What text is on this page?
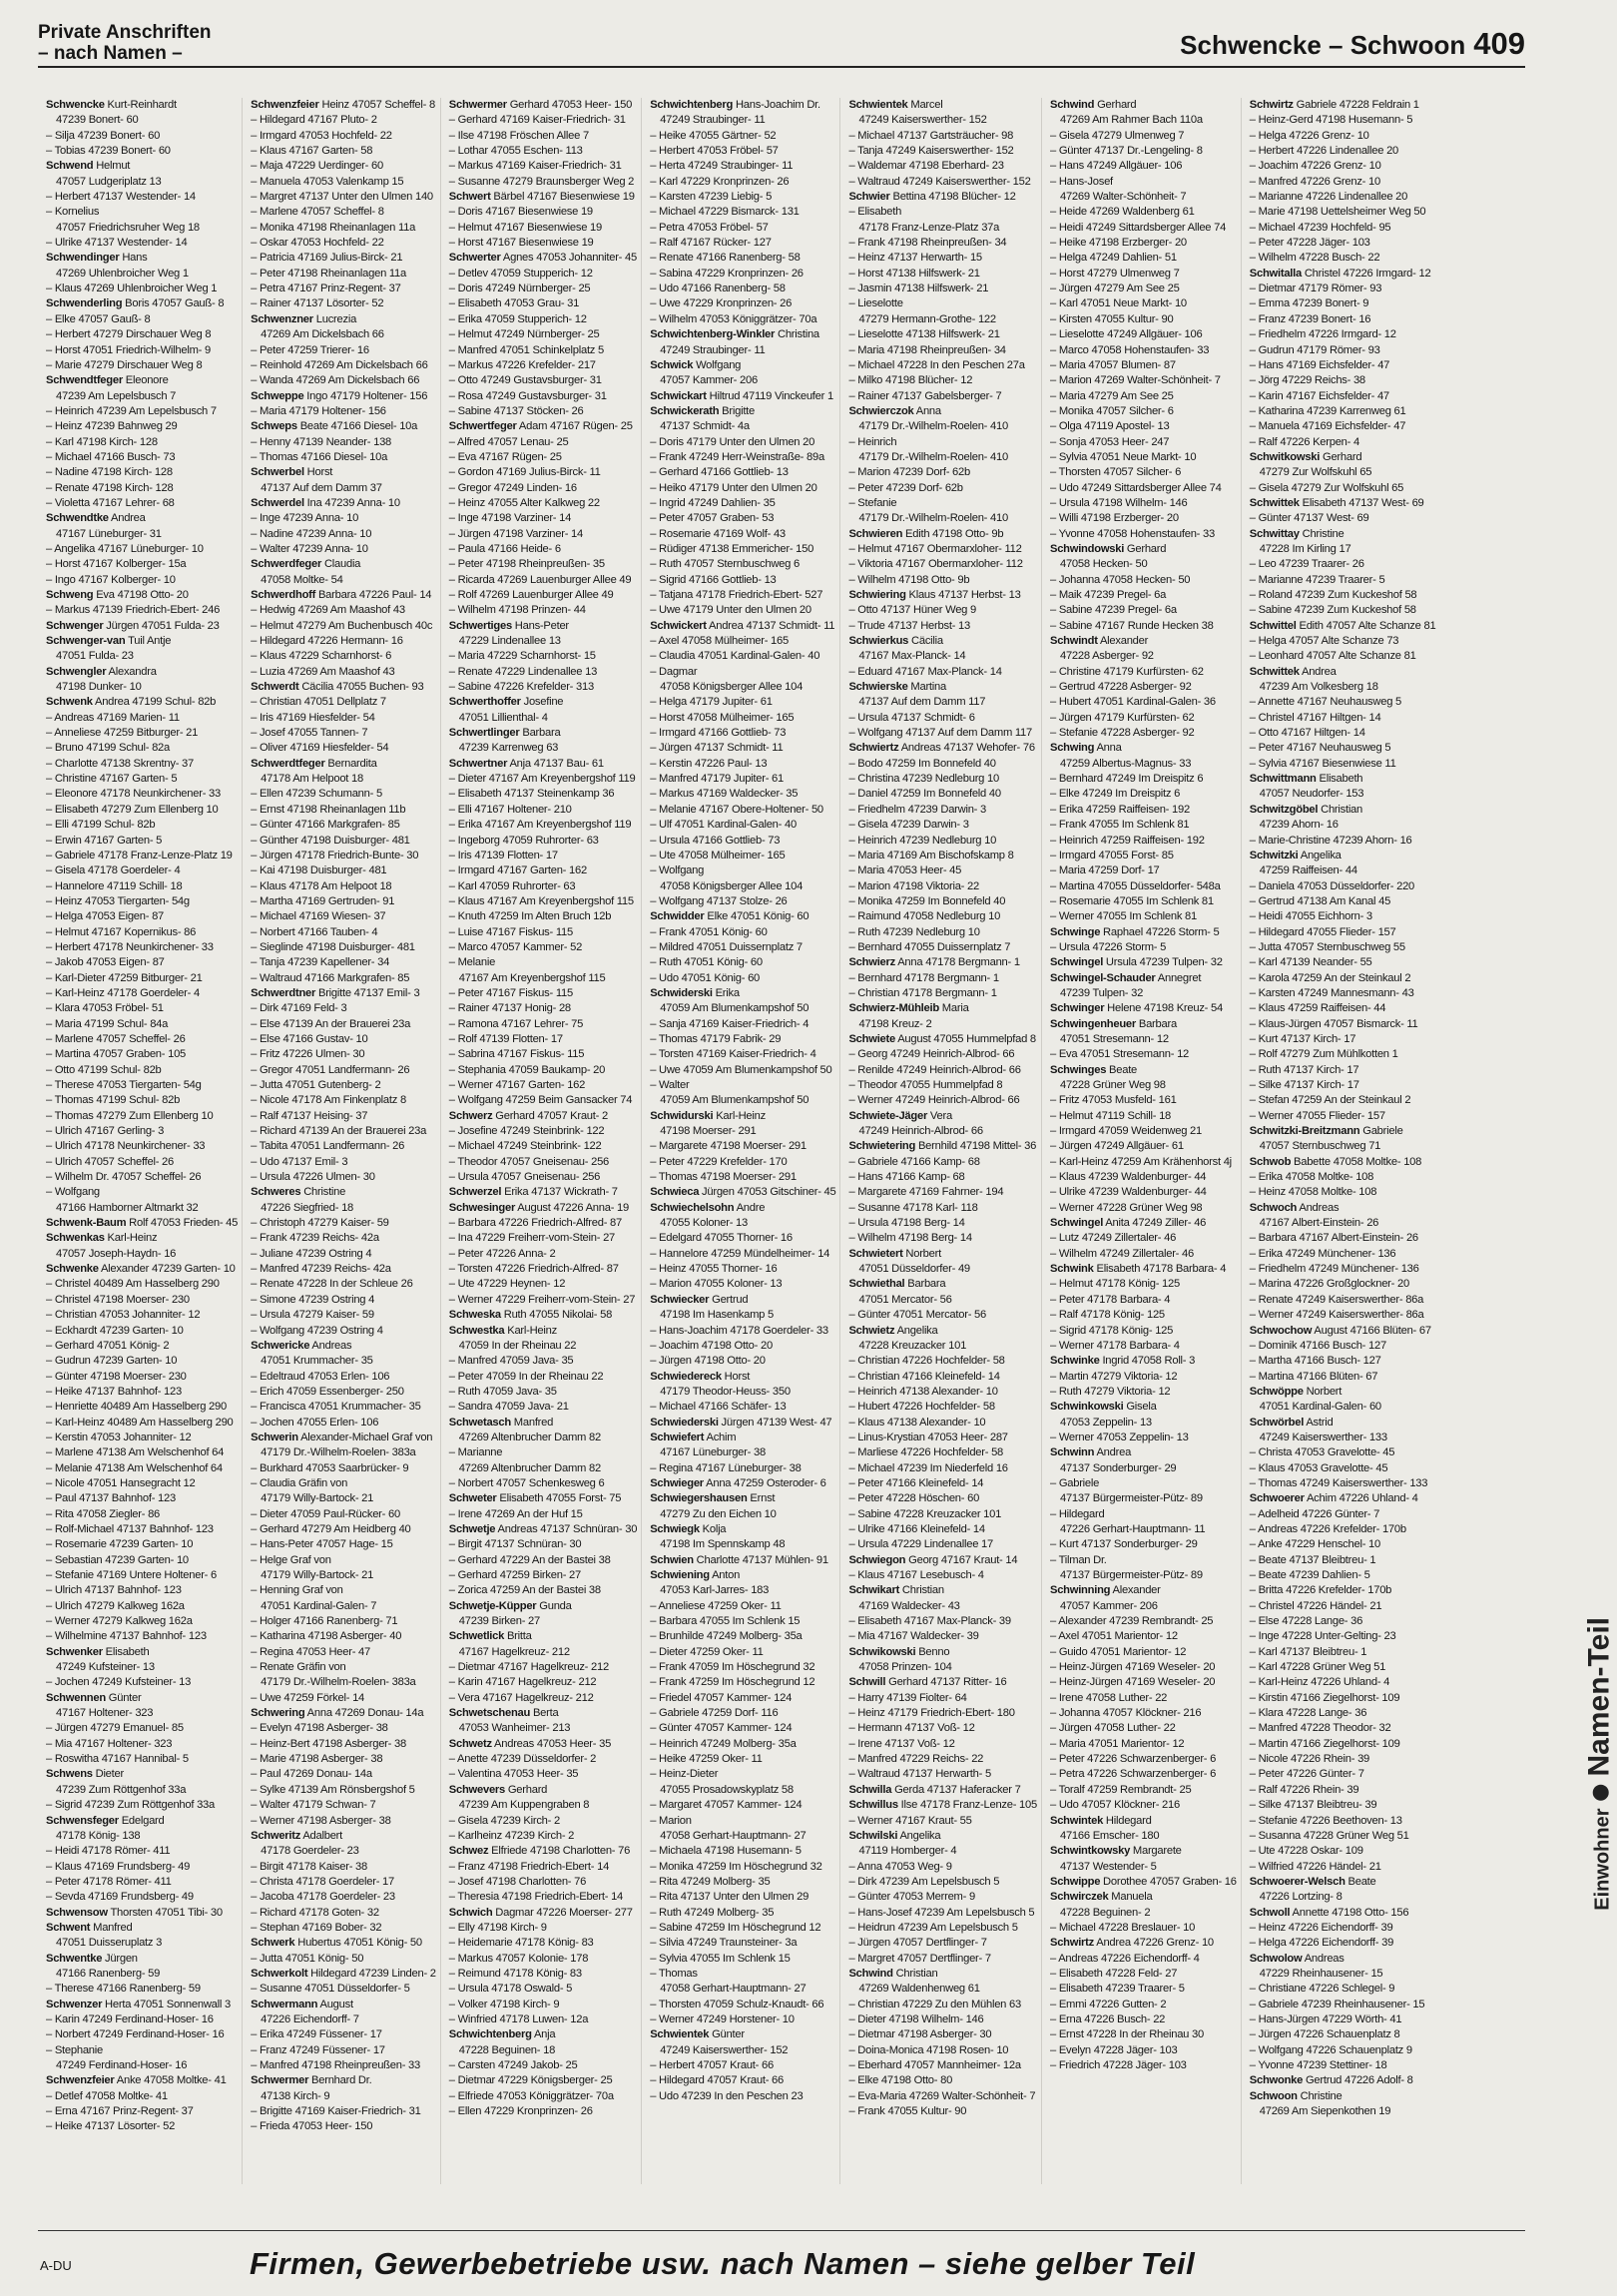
Private Anschriften
– nach Namen –	Schwencke – Schwoon 409
EinwohnerNamen-Teil
Schwencke Kurt-Reinhardt
47239 Bonert- 60
– Silja 47239 Bonert- 60
– Tobias 47239 Bonert- 60
Schwend Helmut
47057 Ludgeriplatz 13
– Herbert 47137 Westender- 14
– Kornelius
47057 Friedrichsruher Weg 18
– Ulrike 47137 Westender- 14
Schwendinger Hans
47269 Uhlenbroicher Weg 1
– Klaus 47269 Uhlenbroicher Weg 1
Schwenderling Boris 47057 Gauß- 8
– Elke 47057 Gauß- 8
– Herbert 47279 Dirschauer Weg 8
– Horst 47051 Friedrich-Wilhelm- 9
– Marie 47279 Dirschauer Weg 8
Schwendtfeger Eleonore
47239 Am Lepelsbusch 7
– Heinrich 47239 Am Lepelsbusch 7
– Heinz 47239 Bahnweg 29
– Karl 47198 Kirch- 128
– Michael 47166 Busch- 73
– Nadine 47198 Kirch- 128
– Renate 47198 Kirch- 128
– Violetta 47167 Lehrer- 68
Schwendtke Andrea
47167 Lüneburger- 31
– Angelika 47167 Lüneburger- 10
– Horst 47167 Kolberger- 15a
– Ingo 47167 Kolberger- 10
Schweng Eva 47198 Otto- 20
– Markus 47139 Friedrich-Ebert- 246
Schwenger Jürgen 47051 Fulda- 23
Schwenger-van Tuil Antje
47051 Fulda- 23
Schwengler Alexandra
47198 Dunker- 10
Schwenk Andrea 47199 Schul- 82b
– Andreas 47169 Marien- 11
– Anneliese 47259 Bitburger- 21
– Bruno 47199 Schul- 82a
– Charlotte 47138 Skrentny- 37
– Christine 47167 Garten- 5
– Eleonore 47178 Neunkirchener- 33
– Elisabeth 47279 Zum Ellenberg 10
– Elli 47199 Schul- 82b
– Erwin 47167 Garten- 5
– Gabriele 47178 Franz-Lenze-Platz 19
– Gisela 47178 Goerdeler- 4
– Hannelore 47119 Schill- 18
– Heinz 47053 Tiergarten- 54g
– Helga 47053 Eigen- 87
– Helmut 47167 Kopernikus- 86
– Herbert 47178 Neunkirchener- 33
– Jakob 47053 Eigen- 87
– Karl-Dieter 47259 Bitburger- 21
– Karl-Heinz 47178 Goerdeler- 4
– Klara 47053 Fröbel- 51
– Maria 47199 Schul- 84a
– Marlene 47057 Scheffel- 26
– Martina 47057 Graben- 105
– Otto 47199 Schul- 82b
– Therese 47053 Tiergarten- 54g
– Thomas 47199 Schul- 82b
– Thomas 47279 Zum Ellenberg 10
– Ulrich 47167 Gerling- 3
– Ulrich 47178 Neunkirchener- 33
– Ulrich 47057 Scheffel- 26
– Wilhelm Dr. 47057 Scheffel- 26
– Wolfgang
47166 Hamborner Altmarkt 32
Schwenk-Baum Rolf 47053 Frieden- 45
Schwenkas Karl-Heinz
47057 Joseph-Haydn- 16
Schwenke Alexander 47239 Garten- 10
– Christel 40489 Am Hasselberg 290
– Christel 47198 Moerser- 230
– Christian 47053 Johanniter- 12
– Eckhardt 47239 Garten- 10
– Gerhard 47051 König- 2
– Gudrun 47239 Garten- 10
– Günter 47198 Moerser- 230
– Heike 47137 Bahnhof- 123
– Henriette 40489 Am Hasselberg 290
– Karl-Heinz 40489 Am Hasselberg 290
– Kerstin 47053 Johanniter- 12
– Marlene 47138 Am Welschenhof 64
– Melanie 47138 Am Welschenhof 64
– Nicole 47051 Hansegracht 12
– Paul 47137 Bahnhof- 123
– Rita 47058 Ziegler- 86
– Rolf-Michael 47137 Bahnhof- 123
– Rosemarie 47239 Garten- 10
– Sebastian 47239 Garten- 10
– Stefanie 47169 Untere Holtener- 6
– Ulrich 47137 Bahnhof- 123
– Ulrich 47279 Kalkweg 162a
– Werner 47279 Kalkweg 162a
– Wilhelmine 47137 Bahnhof- 123
Schwenker Elisabeth
47249 Kufsteiner- 13
– Jochen 47249 Kufsteiner- 13
Schwennen Günter
47167 Holtener- 323
– Jürgen 47279 Emanuel- 85
– Mia 47167 Holtener- 323
– Roswitha 47167 Hannibal- 5
Schwens Dieter
47239 Zum Röttgenhof 33a
– Sigrid 47239 Zum Röttgenhof 33a
Schwensfeger Edelgard
47178 König- 138
– Heidi 47178 Römer- 411
– Klaus 47169 Frundsberg- 49
– Peter 47178 Römer- 411
– Sevda 47169 Frundsberg- 49
Schwensow Thorsten 47051 Tibi- 30
Schwent Manfred
47051 Duisseruplatz 3
Schwentke Jürgen
47166 Ranenberg- 59
– Therese 47166 Ranenberg- 59
Schwenzer Herta 47051 Sonnenwall 3
– Karin 47249 Ferdinand-Hoser- 16
– Norbert 47249 Ferdinand-Hoser- 16
– Stephanie
47249 Ferdinand-Hoser- 16
Schwenzfeier Anke 47058 Moltke- 41
– Detlef 47058 Moltke- 41
– Erna 47167 Prinz-Regent- 37
– Heike 47137 Lösorter- 52
Schwenzfeier Heinz 47057 Scheffel- 8
– Hildegard 47167 Pluto- 2
– Irmgard 47053 Hochfeld- 22
– Klaus 47167 Garten- 58
– Maja 47229 Uerdinger- 60
– Manuela 47053 Valenkamp 15
– Margret 47137 Unter den Ulmen 140
– Marlene 47057 Scheffel- 8
– Monika 47198 Rheinanlagen 11a
– Oskar 47053 Hochfeld- 22
– Patricia 47169 Julius-Birck- 21
– Peter 47198 Rheinanlagen 11a
– Petra 47167 Prinz-Regent- 37
– Rainer 47137 Lösorter- 52
Schwenzner Lucrezia
47269 Am Dickelsbach 66
– Peter 47259 Trierer- 16
– Reinhold 47269 Am Dickelsbach 66
– Wanda 47269 Am Dickelsbach 66
Schweppe Ingo 47179 Holtener- 156
– Maria 47179 Holtener- 156
Schweps Beate 47166 Diesel- 10a
– Henny 47139 Neander- 138
– Thomas 47166 Diesel- 10a
Schwerbel Horst
47137 Auf dem Damm 37
Schwerdel Ina 47239 Anna- 10
– Inge 47239 Anna- 10
– Nadine 47239 Anna- 10
– Walter 47239 Anna- 10
Schwerdfeger Claudia
47058 Moltke- 54
Schwerdhoff Barbara 47226 Paul- 14
– Hedwig 47269 Am Maashof 43
– Helmut 47279 Am Buchenbusch 40c
– Hildegard 47226 Hermann- 16
– Klaus 47229 Scharnhorst- 6
– Luzia 47269 Am Maashof 43
Schwerdt Cäcilia 47055 Buchen- 93
– Christian 47051 Dellplatz 7
– Iris 47169 Hiesfelder- 54
– Josef 47055 Tannen- 7
– Oliver 47169 Hiesfelder- 54
Schwerdtfeger Bernardita
47178 Am Helpoot 18
– Ellen 47239 Schumann- 5
– Ernst 47198 Rheinanlagen 11b
– Günter 47166 Markgrafen- 85
– Günther 47198 Duisburger- 481
– Jürgen 47178 Friedrich-Bunte- 30
– Kai 47198 Duisburger- 481
– Klaus 47178 Am Helpoot 18
– Martha 47169 Gertruden- 91
– Michael 47169 Wiesen- 37
– Norbert 47166 Tauben- 4
– Sieglinde 47198 Duisburger- 481
– Tanja 47239 Kapellener- 34
– Waltraud 47166 Markgrafen- 85
Schwerdtner Brigitte 47137 Emil- 3
– Dirk 47169 Feld- 3
– Else 47139 An der Brauerei 23a
– Else 47166 Gustav- 10
– Fritz 47226 Ulmen- 30
– Gregor 47051 Landfermann- 26
– Jutta 47051 Gutenberg- 2
– Nicole 47178 Am Finkenplatz 8
– Ralf 47137 Heising- 37
– Richard 47139 An der Brauerei 23a
– Tabita 47051 Landfermann- 26
– Udo 47137 Emil- 3
– Ursula 47226 Ulmen- 30
Schweres Christine
47226 Siegfried- 18
– Christoph 47279 Kaiser- 59
– Frank 47239 Reichs- 42a
– Juliane 47239 Ostring 4
– Manfred 47239 Reichs- 42a
– Renate 47228 In der Schleue 26
– Simone 47239 Ostring 4
– Ursula 47279 Kaiser- 59
– Wolfgang 47239 Ostring 4
Schwericke Andreas
47051 Krummacher- 35
– Edeltraud 47053 Erlen- 106
– Erich 47059 Essenberger- 250
– Francisca 47051 Krummacher- 35
– Jochen 47055 Erlen- 106
Schwerin Alexander-Michael Graf von
47179 Dr.-Wilhelm-Roelen- 383a
– Burkhard 47053 Saarbrücker- 9
– Claudia Gräfin von
47179 Willy-Bartock- 21
– Dieter 47059 Paul-Rücker- 60
– Gerhard 47279 Am Heidberg 40
– Hans-Peter 47057 Hage- 15
– Helge Graf von
47179 Willy-Bartock- 21
– Henning Graf von
47051 Kardinal-Galen- 7
– Holger 47166 Ranenberg- 71
– Katharina 47198 Asberger- 40
– Regina 47053 Heer- 47
– Renate Gräfin von
47179 Dr.-Wilhelm-Roelen- 383a
– Uwe 47259 Förkel- 14
Schwering Anna 47269 Donau- 14a
– Evelyn 47198 Asberger- 38
– Heinz-Bert 47198 Asberger- 38
– Marie 47198 Asberger- 38
– Paul 47269 Donau- 14a
– Sylke 47139 Am Rönsbergshof 5
– Walter 47179 Schwan- 7
– Werner 47198 Asberger- 38
Schweritz Adalbert
47178 Goerdeler- 23
– Birgit 47178 Kaiser- 38
– Christa 47178 Goerdeler- 17
– Jacoba 47178 Goerdeler- 23
– Richard 47178 Goten- 32
– Stephan 47169 Bober- 32
Schwerk Hubertus 47051 König- 50
– Jutta 47051 König- 50
Schwerkolt Hildegard 47239 Linden- 2
– Susanne 47051 Düsseldorfer- 5
Schwermann August
47226 Eichendorff- 7
– Erika 47249 Füssener- 17
– Franz 47249 Füssener- 17
– Manfred 47198 Rheinpreußen- 33
Schwermer Bernhard Dr.
47138 Kirch- 9
– Brigitte 47169 Kaiser-Friedrich- 31
– Frieda 47053 Heer- 150
Schwermer Gerhard 47053 Heer- 150
– Gerhard 47169 Kaiser-Friedrich- 31
– Ilse 47198 Fröschen Allee 7
– Lothar 47055 Eschen- 113
– Markus 47169 Kaiser-Friedrich- 31
– Susanne 47279 Braunsberger Weg 2
Schwert Bärbel 47167 Biesenwiese 19
– Doris 47167 Biesenwiese 19
– Helmut 47167 Biesenwiese 19
– Horst 47167 Biesenwiese 19
Schwerter Agnes 47053 Johanniter- 45
– Detlev 47059 Stupperich- 12
– Doris 47249 Nürnberger- 25
– Elisabeth 47053 Grau- 31
– Erika 47059 Stupperich- 12
– Helmut 47249 Nürnberger- 25
– Manfred 47051 Schinkelplatz 5
– Markus 47226 Krefelder- 217
– Otto 47249 Gustavsburger- 31
– Rosa 47249 Gustavsburger- 31
– Sabine 47137 Stöcken- 26
Schwertfeger Adam 47167 Rügen- 25
– Alfred 47057 Lenau- 25
– Eva 47167 Rügen- 25
– Gordon 47169 Julius-Birck- 11
– Gregor 47249 Linden- 16
– Heinz 47055 Alter Kalkweg 22
– Inge 47198 Varziner- 14
– Jürgen 47198 Varziner- 14
– Paula 47166 Heide- 6
– Peter 47198 Rheinpreußen- 35
– Ricarda 47269 Lauenburger Allee 49
– Rolf 47269 Lauenburger Allee 49
– Wilhelm 47198 Prinzen- 44
Schwertiges Hans-Peter
47229 Lindenallee 13
– Maria 47229 Scharnhorst- 15
– Renate 47229 Lindenallee 13
– Sabine 47226 Krefelder- 313
Schwerthoffer Josefine
47051 Lillienthal- 4
Schwertlinger Barbara
47239 Karrenweg 63
Schwertner Anja 47137 Bau- 61
– Dieter 47167 Am Kreyenbergshof 119
– Elisabeth 47137 Steinenkamp 36
– Elli 47167 Holtener- 210
– Erika 47167 Am Kreyenbergshof 119
– Ingeborg 47059 Ruhrorter- 63
– Iris 47139 Flotten- 17
– Irmgard 47167 Garten- 162
– Karl 47059 Ruhrorter- 63
– Klaus 47167 Am Kreyenbergshof 115
– Knuth 47259 Im Alten Bruch 12b
– Luise 47167 Fiskus- 115
– Marco 47057 Kammer- 52
– Melanie
47167 Am Kreyenbergshof 115
– Peter 47167 Fiskus- 115
– Rainer 47137 Honig- 28
– Ramona 47167 Lehrer- 75
– Rolf 47139 Flotten- 17
– Sabrina 47167 Fiskus- 115
– Stephania 47059 Baukamp- 20
– Werner 47167 Garten- 162
– Wolfgang 47259 Beim Gansacker 74
Schwerz Gerhard 47057 Kraut- 2
– Josefine 47249 Steinbrink- 122
– Michael 47249 Steinbrink- 122
– Theodor 47057 Gneisenau- 256
– Ursula 47057 Gneisenau- 256
Schwerzel Erika 47137 Wickrath- 7
Schwesinger August 47226 Anna- 19
– Barbara 47226 Friedrich-Alfred- 87
– Ina 47229 Freiherr-vom-Stein- 27
– Peter 47226 Anna- 2
– Torsten 47226 Friedrich-Alfred- 87
– Ute 47229 Heynen- 12
– Werner 47229 Freiherr-vom-Stein- 27
Schweska Ruth 47055 Nikolai- 58
Schwestka Karl-Heinz
47059 In der Rheinau 22
– Manfred 47059 Java- 35
– Peter 47059 In der Rheinau 22
– Ruth 47059 Java- 35
– Sandra 47059 Java- 21
Schwetasch Manfred
47269 Altenbrucher Damm 82
– Marianne
47269 Altenbrucher Damm 82
– Norbert 47057 Schenkesweg 6
Schweter Elisabeth 47055 Forst- 75
– Irene 47269 An der Huf 15
Schwetje Andreas 47137 Schnüran- 30
– Birgit 47137 Schnüran- 30
– Gerhard 47229 An der Bastei 38
– Gerhard 47259 Birken- 27
– Zorica 47259 An der Bastei 38
Schwetje-Küpper Gunda
47239 Birken- 27
Schwetlick Britta
47167 Hagelkreuz- 212
– Dietmar 47167 Hagelkreuz- 212
– Karin 47167 Hagelkreuz- 212
– Vera 47167 Hagelkreuz- 212
Schwetschenau Berta
47053 Wanheimer- 213
Schwetz Andreas 47053 Heer- 35
– Anette 47239 Düsseldorfer- 2
– Valentina 47053 Heer- 35
Schwevers Gerhard
47239 Am Kuppengraben 8
– Gisela 47239 Kirch- 2
– Karlheinz 47239 Kirch- 2
Schwez Elfriede 47198 Charlotten- 76
– Franz 47198 Friedrich-Ebert- 14
– Josef 47198 Charlotten- 76
– Theresia 47198 Friedrich-Ebert- 14
Schwich Dagmar 47226 Moerser- 277
– Elly 47198 Kirch- 9
– Heidemarie 47178 König- 83
– Markus 47057 Kolonie- 178
– Reimund 47178 König- 83
– Ursula 47178 Oswald- 5
– Volker 47198 Kirch- 9
– Winfried 47178 Luwen- 12a
Schwichtenberg Anja
47228 Beguinen- 18
– Carsten 47249 Jakob- 25
– Dietmar 47229 Königsberger- 25
– Elfriede 47053 Königgrätzer- 70a
– Ellen 47229 Kronprinzen- 26
Schwichtenberg Hans-Joachim Dr.
47249 Straubinger- 11
– Heike 47055 Gärtner- 52
– Herbert 47053 Fröbel- 57
– Herta 47249 Straubinger- 11
– Karl 47229 Kronprinzen- 26
– Karsten 47239 Liebig- 5
– Michael 47229 Bismarck- 131
– Petra 47053 Fröbel- 57
– Ralf 47167 Rücker- 127
– Renate 47166 Ranenberg- 58
– Sabina 47229 Kronprinzen- 26
– Udo 47166 Ranenberg- 58
– Uwe 47229 Kronprinzen- 26
– Wilhelm 47053 Königgrätzer- 70a
Schwichtenberg-Winkler Christina
47249 Straubinger- 11
Schwick Wolfgang
47057 Kammer- 206
Schwickart Hiltrud 47119 Vinckeufer 1
Schwickerath Brigitte
47137 Schmidt- 4a
– Doris 47179 Unter den Ulmen 20
– Frank 47249 Herr-Weinstraße- 89a
– Gerhard 47166 Gottlieb- 13
– Heiko 47179 Unter den Ulmen 20
– Ingrid 47249 Dahlien- 35
– Peter 47057 Graben- 53
– Rosemarie 47169 Wolf- 43
– Rüdiger 47138 Emmericher- 150
– Ruth 47057 Sternbuschweg 6
– Sigrid 47166 Gottlieb- 13
– Tatjana 47178 Friedrich-Ebert- 527
– Uwe 47179 Unter den Ulmen 20
Schwickert Andrea 47137 Schmidt- 11
– Axel 47058 Mülheimer- 165
– Claudia 47051 Kardinal-Galen- 40
– Dagmar
47058 Königsberger Allee 104
– Helga 47179 Jupiter- 61
– Horst 47058 Mülheimer- 165
– Irmgard 47166 Gottlieb- 73
– Jürgen 47137 Schmidt- 11
– Kerstin 47226 Paul- 13
– Manfred 47179 Jupiter- 61
– Markus 47169 Waldecker- 35
– Melanie 47167 Obere-Holtener- 50
– Ulf 47051 Kardinal-Galen- 40
– Ursula 47166 Gottlieb- 73
– Ute 47058 Mülheimer- 165
– Wolfgang
47058 Königsberger Allee 104
– Wolfgang 47137 Stolze- 26
Schwidder Elke 47051 König- 60
– Frank 47051 König- 60
– Mildred 47051 Duissernplatz 7
– Ruth 47051 König- 60
– Udo 47051 König- 60
Schwiderski Erika
47059 Am Blumenkampshof 50
– Sanja 47169 Kaiser-Friedrich- 4
– Thomas 47179 Fabrik- 29
– Torsten 47169 Kaiser-Friedrich- 4
– Uwe 47059 Am Blumenkampshof 50
– Walter
47059 Am Blumenkampshof 50
Schwidurski Karl-Heinz
47198 Moerser- 291
– Margarete 47198 Moerser- 291
– Peter 47229 Krefelder- 170
– Thomas 47198 Moerser- 291
Schwieca Jürgen 47053 Gitschiner- 45
Schwiechelsohn Andre
47055 Koloner- 13
– Edelgard 47055 Thorner- 16
– Hannelore 47259 Mündelheimer- 14
– Heinz 47055 Thorner- 16
– Marion 47055 Koloner- 13
Schwiecker Gertrud
47198 Im Hasenkamp 5
– Hans-Joachim 47178 Goerdeler- 33
– Joachim 47198 Otto- 20
– Jürgen 47198 Otto- 20
Schwiedereck Horst
47179 Theodor-Heuss- 350
– Michael 47166 Schäfer- 13
Schwiederski Jürgen 47139 West- 47
Schwiefert Achim
47167 Lüneburger- 38
– Regina 47167 Lüneburger- 38
Schwieger Anna 47259 Osteroder- 6
Schwiegershausen Ernst
47279 Zu den Eichen 10
Schwiegk Kolja
47198 Im Spennskamp 48
Schwien Charlotte 47137 Mühlen- 91
Schwiening Anton
47053 Karl-Jarres- 183
– Anneliese 47259 Oker- 11
– Barbara 47055 Im Schlenk 15
– Brunhilde 47249 Molberg- 35a
– Dieter 47259 Oker- 11
– Frank 47059 Im Höschegrund 32
– Frank 47259 Im Höschegrund 12
– Friedel 47057 Kammer- 124
– Gabriele 47259 Dorf- 116
– Günter 47057 Kammer- 124
– Heinrich 47249 Molberg- 35a
– Heike 47259 Oker- 11
– Heinz-Dieter
47055 Prosadowskyplatz 58
– Margaret 47057 Kammer- 124
– Marion
47058 Gerhart-Hauptmann- 27
– Michaela 47198 Husemann- 5
– Monika 47259 Im Höschegrund 32
– Rita 47249 Molberg- 35
– Rita 47137 Unter den Ulmen 29
– Ruth 47249 Molberg- 35
– Sabine 47259 Im Höschegrund 12
– Silvia 47249 Traunsteiner- 3a
– Sylvia 47055 Im Schlenk 15
– Thomas
47058 Gerhart-Hauptmann- 27
– Thorsten 47059 Schulz-Knaudt- 66
– Werner 47249 Horstener- 10
Schwientek Günter
47249 Kaiserswerther- 152
– Herbert 47057 Kraut- 66
– Hildegard 47057 Kraut- 66
– Udo 47239 In den Peschen 23
Schwientek Marcel
47249 Kaiserswerther- 152
– Michael 47137 Gartsträucher- 98
– Tanja 47249 Kaiserswerther- 152
– Waldemar 47198 Eberhard- 23
– Waltraud 47249 Kaiserswerther- 152
Schwier Bettina 47198 Blücher- 12
– Elisabeth
47178 Franz-Lenze-Platz 37a
– Frank 47198 Rheinpreußen- 34
– Heinz 47137 Herwarth- 15
– Horst 47138 Hilfswerk- 21
– Jasmin 47138 Hilfswerk- 21
– Lieselotte
47279 Hermann-Grothe- 122
– Lieselotte 47138 Hilfswerk- 21
– Maria 47198 Rheinpreußen- 34
– Michael 47228 In den Peschen 27a
– Milko 47198 Blücher- 12
– Rainer 47137 Gabelsberger- 7
Schwierczok Anna
47179 Dr.-Wilhelm-Roelen- 410
– Heinrich
47179 Dr.-Wilhelm-Roelen- 410
– Marion 47239 Dorf- 62b
– Peter 47239 Dorf- 62b
– Stefanie
47179 Dr.-Wilhelm-Roelen- 410
Schwieren Edith 47198 Otto- 9b
– Helmut 47167 Obermarxloher- 112
– Viktoria 47167 Obermarxloher- 112
– Wilhelm 47198 Otto- 9b
Schwiering Klaus 47137 Herbst- 13
– Otto 47137 Hüner Weg 9
– Trude 47137 Herbst- 13
Schwierkus Cäcilia
47167 Max-Planck- 14
– Eduard 47167 Max-Planck- 14
Schwierske Martina
47137 Auf dem Damm 117
– Ursula 47137 Schmidt- 6
– Wolfgang 47137 Auf dem Damm 117
Schwiertz Andreas 47137 Wehofer- 76
– Bodo 47259 Im Bonnefeld 40
– Christina 47239 Nedleburg 10
– Daniel 47259 Im Bonnefeld 40
– Friedhelm 47239 Darwin- 3
– Gisela 47239 Darwin- 3
– Heinrich 47239 Nedleburg 10
– Maria 47169 Am Bischofskamp 8
– Maria 47053 Heer- 45
– Marion 47198 Viktoria- 22
– Monika 47259 Im Bonnefeld 40
– Raimund 47058 Nedleburg 10
– Ruth 47239 Nedleburg 10
– Bernhard 47055 Duissernplatz 7
Schwierz Anna 47178 Bergmann- 1
– Bernhard 47178 Bergmann- 1
– Christian 47178 Bergmann- 1
Schwierz-Mühleib Maria
47198 Kreuz- 2
Schwiete August 47055 Hummelpfad 8
– Georg 47249 Heinrich-Albrod- 66
– Renilde 47249 Heinrich-Albrod- 66
– Theodor 47055 Hummelpfad 8
– Werner 47249 Heinrich-Albrod- 66
Schwiete-Jäger Vera
47249 Heinrich-Albrod- 66
Schwietering Bernhild 47198 Mittel- 36
– Gabriele 47166 Kamp- 68
– Hans 47166 Kamp- 68
– Margarete 47169 Fahrner- 194
– Susanne 47178 Karl- 118
– Ursula 47198 Berg- 14
– Wilhelm 47198 Berg- 14
Schwietert Norbert
47051 Düsseldorfer- 49
Schwiethal Barbara
47051 Mercator- 56
– Günter 47051 Mercator- 56
Schwietz Angelika
47228 Kreuzacker 101
– Christian 47226 Hochfelder- 58
– Christian 47166 Kleinefeld- 14
– Heinrich 47138 Alexander- 10
– Hubert 47226 Hochfelder- 58
– Klaus 47138 Alexander- 10
– Linus-Krystian 47053 Heer- 287
– Marliese 47226 Hochfelder- 58
– Michael 47239 Im Niederfeld 16
– Peter 47166 Kleinefeld- 14
– Peter 47228 Höschen- 60
– Sabine 47228 Kreuzacker 101
– Ulrike 47166 Kleinefeld- 14
– Ursula 47229 Lindenallee 17
Schwiegon Georg 47167 Kraut- 14
– Klaus 47167 Lesebusch- 4
Schwikart Christian
47169 Waldecker- 43
– Elisabeth 47167 Max-Planck- 39
– Mia 47167 Waldecker- 39
Schwikowski Benno
47058 Prinzen- 104
Schwill Gerhard 47137 Ritter- 16
– Harry 47139 Fiolter- 64
– Heinz 47179 Friedrich-Ebert- 180
– Hermann 47137 Voß- 12
– Irene 47137 Voß- 12
– Manfred 47229 Reichs- 22
– Waltraud 47137 Herwarth- 5
Schwilla Gerda 47137 Haferacker 7
Schwillus Ilse 47178 Franz-Lenze- 105
– Werner 47167 Kraut- 55
Schwilski Angelika
47119 Homberger- 4
– Anna 47053 Weg- 9
– Dirk 47239 Am Lepelsbusch 5
– Günter 47053 Merrem- 9
– Hans-Josef 47239 Am Lepelsbusch 5
– Heidrun 47239 Am Lepelsbusch 5
– Jürgen 47057 Dertflinger- 7
– Margret 47057 Dertflinger- 7
Schwind Christian
47269 Waldenhenweg 61
– Christian 47229 Zu den Mühlen 63
– Dieter 47198 Wilhelm- 146
– Dietmar 47198 Asberger- 30
– Doina-Monica 47198 Rosen- 10
– Eberhard 47057 Mannheimer- 12a
– Elke 47198 Otto- 80
– Eva-Maria 47269 Walter-Schönheit- 7
– Frank 47055 Kultur- 90
Schwind Gerhard
47269 Am Rahmer Bach 110a
– Gisela 47279 Ulmenweg 7
– Günter 47137 Dr.-Lengeling- 8
– Hans 47249 Allgäuer- 106
– Hans-Josef
47269 Walter-Schönheit- 7
– Heide 47269 Waldenberg 61
– Heidi 47249 Sittardsberger Allee 74
– Heike 47198 Erzberger- 20
– Helga 47249 Dahlien- 51
– Horst 47279 Ulmenweg 7
– Jürgen 47279 Am See 25
– Karl 47051 Neue Markt- 10
– Kirsten 47055 Kultur- 90
– Lieselotte 47249 Allgäuer- 106
– Marco 47058 Hohenstaufen- 33
– Maria 47057 Blumen- 87
– Marion 47269 Walter-Schönheit- 7
– Maria 47279 Am See 25
– Monika 47057 Silcher- 6
– Olga 47119 Apostel- 13
– Sonja 47053 Heer- 247
– Sylvia 47051 Neue Markt- 10
– Thorsten 47057 Silcher- 6
– Udo 47249 Sittardsberger Allee 74
– Ursula 47198 Wilhelm- 146
– Willi 47198 Erzberger- 20
– Yvonne 47058 Hohenstaufen- 33
Schwindowski Gerhard
47058 Hecken- 50
– Johanna 47058 Hecken- 50
– Maik 47239 Pregel- 6a
– Sabine 47239 Pregel- 6a
– Sabine 47167 Runde Hecken 38
Schwindt Alexander
47228 Asberger- 92
– Christine 47179 Kurfürsten- 62
– Gertrud 47228 Asberger- 92
– Hubert 47051 Kardinal-Galen- 36
– Jürgen 47179 Kurfürsten- 62
– Stefanie 47228 Asberger- 92
Schwing Anna
47259 Albertus-Magnus- 33
– Bernhard 47249 Im Dreispitz 6
– Elke 47249 Im Dreispitz 6
– Erika 47259 Raiffeisen- 192
– Frank 47055 Im Schlenk 81
– Heinrich 47259 Raiffeisen- 192
– Irmgard 47055 Forst- 85
– Maria 47259 Dorf- 17
– Martina 47055 Düsseldorfer- 548a
– Rosemarie 47055 Im Schlenk 81
– Werner 47055 Im Schlenk 81
Schwinge Raphael 47226 Storm- 5
– Ursula 47226 Storm- 5
Schwingel Ursula 47239 Tulpen- 32
Schwingel-Schauder Annegret
47239 Tulpen- 32
Schwinger Helene 47198 Kreuz- 54
Schwingenheuer Barbara
47051 Stresemann- 12
– Eva 47051 Stresemann- 12
Schwinges Beate
47228 Grüner Weg 98
– Fritz 47053 Musfeld- 161
– Helmut 47119 Schill- 18
– Irmgard 47059 Weidenweg 21
– Jürgen 47249 Allgäuer- 61
– Karl-Heinz 47259 Am Krähenhorst 4j
– Klaus 47239 Waldenburger- 44
– Ulrike 47239 Waldenburger- 44
– Werner 47228 Grüner Weg 98
Schwingel Anita 47249 Ziller- 46
– Lutz 47249 Zillertaler- 46
– Wilhelm 47249 Zillertaler- 46
Schwink Elisabeth 47178 Barbara- 4
– Helmut 47178 König- 125
– Peter 47178 Barbara- 4
– Ralf 47178 König- 125
– Sigrid 47178 König- 125
– Werner 47178 Barbara- 4
Schwinke Ingrid 47058 Roll- 3
– Martin 47279 Viktoria- 12
– Ruth 47279 Viktoria- 12
Schwinkowski Gisela
47053 Zeppelin- 13
– Werner 47053 Zeppelin- 13
Schwinn Andrea
47137 Sonderburger- 29
– Gabriele
47137 Bürgermeister-Pütz- 89
– Hildegard
47226 Gerhart-Hauptmann- 11
– Kurt 47137 Sonderburger- 29
– Tilman Dr.
47137 Bürgermeister-Pütz- 89
Schwinning Alexander
47057 Kammer- 206
– Alexander 47239 Rembrandt- 25
– Axel 47051 Marientor- 12
– Guido 47051 Marientor- 12
– Heinz-Jürgen 47169 Weseler- 20
– Heinz-Jürgen 47169 Weseler- 20
– Irene 47058 Luther- 22
– Johanna 47057 Klöckner- 216
– Jürgen 47058 Luther- 22
– Maria 47051 Marientor- 12
– Peter 47226 Schwarzenberger- 6
– Petra 47226 Schwarzenberger- 6
– Toralf 47259 Rembrandt- 25
– Udo 47057 Klöckner- 216
Schwintek Hildegard
47166 Emscher- 180
Schwintkowsky Margarete
47137 Westender- 5
Schwippe Dorothee 47057 Graben- 16
Schwirczek Manuela
47228 Beguinen- 2
– Michael 47228 Breslauer- 10
Schwirtz Andrea 47226 Grenz- 10
– Andreas 47226 Eichendorff- 4
– Elisabeth 47228 Feld- 27
– Elisabeth 47239 Traarer- 5
– Emmi 47226 Gutten- 2
– Erna 47226 Busch- 22
– Ernst 47228 In der Rheinau 30
– Evelyn 47228 Jäger- 103
– Friedrich 47228 Jäger- 103
Schwirtz Gabriele 47228 Feldrain 1
– Heinz-Gerd 47198 Husemann- 5
– Helga 47226 Grenz- 10
– Herbert 47226 Lindenallee 20
– Joachim 47226 Grenz- 10
– Manfred 47226 Grenz- 10
– Marianne 47226 Lindenallee 20
– Marie 47198 Uettelsheimer Weg 50
– Michael 47239 Hochfeld- 95
– Peter 47228 Jäger- 103
– Wilhelm 47228 Busch- 22
Schwitalla Christel 47226 Irmgard- 12
– Dietmar 47179 Römer- 93
– Emma 47239 Bonert- 9
– Franz 47239 Bonert- 16
– Friedhelm 47226 Irmgard- 12
– Gudrun 47179 Römer- 93
– Hans 47169 Eichsfelder- 47
– Jörg 47229 Reichs- 38
– Karin 47167 Eichsfelder- 47
– Katharina 47239 Karrenweg 61
– Manuela 47169 Eichsfelder- 47
– Ralf 47226 Kerpen- 4
Schwitkowski Gerhard
47279 Zur Wolfskuhl 65
– Gisela 47279 Zur Wolfskuhl 65
Schwittek Elisabeth 47137 West- 69
– Günter 47137 West- 69
Schwittay Christine
47228 Im Kirling 17
– Leo 47239 Traarer- 26
– Marianne 47239 Traarer- 5
– Roland 47239 Zum Kuckeshof 58
– Sabine 47239 Zum Kuckeshof 58
Schwittel Edith 47057 Alte Schanze 81
– Helga 47057 Alte Schanze 73
– Leonhard 47057 Alte Schanze 81
Schwittek Andrea
47239 Am Volkesberg 18
– Annette 47167 Neuhausweg 5
– Christel 47167 Hiltgen- 14
– Otto 47167 Hiltgen- 14
– Peter 47167 Neuhausweg 5
– Sylvia 47167 Biesenwiese 11
Schwittmann Elisabeth
47057 Neudorfer- 153
Schwitzgöbel Christian
47239 Ahorn- 16
– Marie-Christine 47239 Ahorn- 16
Schwitzki Angelika
47259 Raiffeisen- 44
– Daniela 47053 Düsseldorfer- 220
– Gertrud 47138 Am Kanal 45
– Heidi 47055 Eichhorn- 3
– Hildegard 47055 Flieder- 157
– Jutta 47057 Sternbuschweg 55
– Karl 47139 Neander- 55
– Karola 47259 An der Steinkaul 2
– Karsten 47249 Mannesmann- 43
– Klaus 47259 Raiffeisen- 44
– Klaus-Jürgen 47057 Bismarck- 11
– Kurt 47137 Kirch- 17
– Rolf 47279 Zum Mühlkotten 1
– Ruth 47137 Kirch- 17
– Silke 47137 Kirch- 17
– Stefan 47259 An der Steinkaul 2
– Werner 47055 Flieder- 157
Schwitzki-Breitzmann Gabriele
47057 Sternbuschweg 71
Schwob Babette 47058 Moltke- 108
– Erika 47058 Moltke- 108
– Heinz 47058 Moltke- 108
Schwoch Andreas
47167 Albert-Einstein- 26
– Barbara 47167 Albert-Einstein- 26
– Erika 47249 Münchener- 136
– Friedhelm 47249 Münchener- 136
– Marina 47226 Großglockner- 20
– Renate 47249 Kaiserswerther- 86a
– Werner 47249 Kaiserswerther- 86a
Schwochow August 47166 Blüten- 67
– Dominik 47166 Busch- 127
– Martha 47166 Busch- 127
– Martina 47166 Blüten- 67
Schwöppe Norbert
47051 Kardinal-Galen- 60
Schwörbel Astrid
47249 Kaiserswerther- 133
– Christa 47053 Gravelotte- 45
– Klaus 47053 Gravelotte- 45
– Thomas 47249 Kaiserswerther- 133
Schwoerer Achim 47226 Uhland- 4
– Adelheid 47226 Günter- 7
– Andreas 47226 Krefelder- 170b
– Anke 47229 Henschel- 10
– Beate 47137 Bleibtreu- 1
– Beate 47239 Dahlien- 5
– Britta 47226 Krefelder- 170b
– Christel 47226 Händel- 21
– Else 47228 Lange- 36
– Inge 47228 Unter-Gelting- 23
– Karl 47137 Bleibtreu- 1
– Karl 47228 Grüner Weg 51
– Karl-Heinz 47226 Uhland- 4
– Kirstin 47166 Ziegelhorst- 109
– Klara 47228 Lange- 36
– Manfred 47228 Theodor- 32
– Martin 47166 Ziegelhorst- 109
– Nicole 47226 Rhein- 39
– Peter 47226 Günter- 7
– Ralf 47226 Rhein- 39
– Silke 47137 Bleibtreu- 39
– Stefanie 47226 Beethoven- 13
– Susanna 47228 Grüner Weg 51
– Ute 47228 Oskar- 109
– Wilfried 47226 Händel- 21
Schwoerer-Welsch Beate
47226 Lortzing- 8
Schwoll Annette 47198 Otto- 156
– Heinz 47226 Eichendorff- 39
– Helga 47226 Eichendorff- 39
Schwolow Andreas
47229 Rheinhausener- 15
– Christiane 47226 Schlegel- 9
– Gabriele 47239 Rheinhausener- 15
– Hans-Jürgen 47229 Wörth- 41
– Jürgen 47226 Schauenplatz 8
– Wolfgang 47226 Schauenplatz 9
– Yvonne 47239 Stettiner- 18
Schwonke Gertrud 47226 Adolf- 8
Schwoon Christine
47269 Am Siepenkothen 19
A-DU	Firmen, Gewerbebetriebe usw. nach Namen – siehe gelber Teil
